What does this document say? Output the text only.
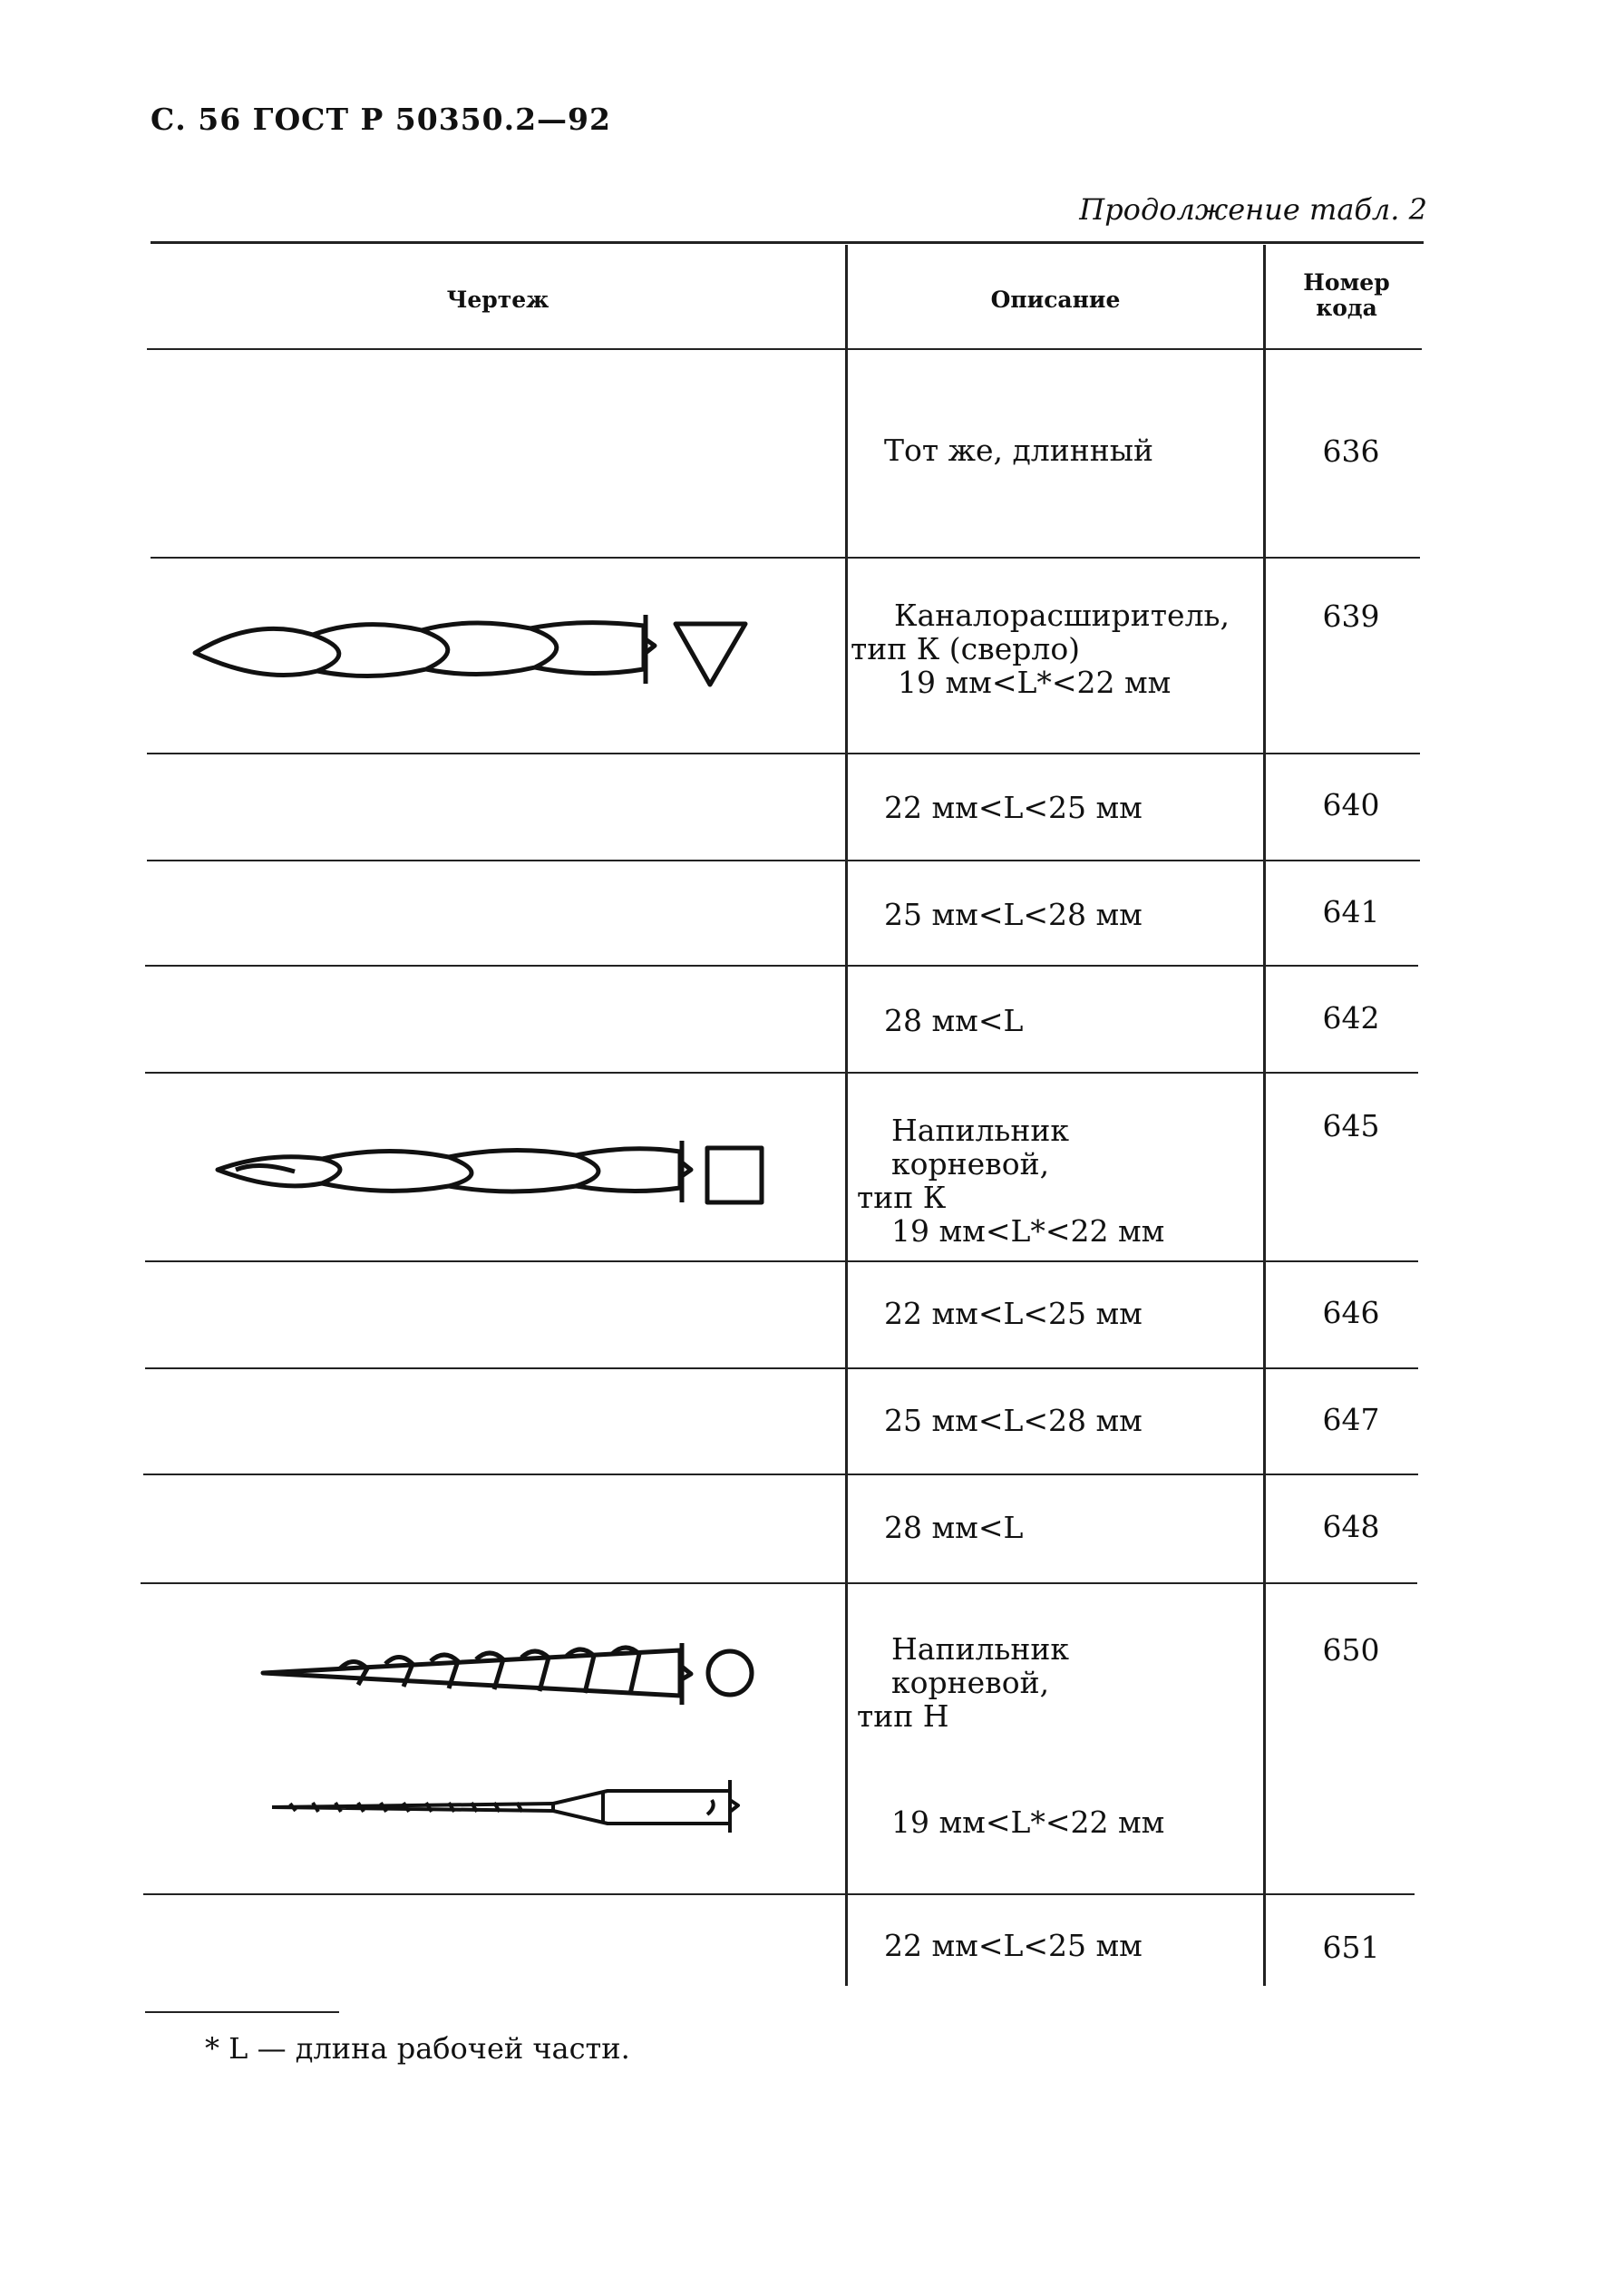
С. 56 ГОСТ Р 50350.2—92
Продолжение табл. 2
Чертеж	Описание
Номер кода
Тот же, длинный
Каналорасширитель,
тип К (сверло)
19 мм<L*<22 мм
22 мм<L<25 мм
25 мм<L<28 мм
28 мм<L
Напильник корневой,
тип К
19 мм<L*<22 мм
22 мм<L<25 мм
25 мм<L<28 мм
28 мм<L
Напильник корневой,
тип Н
19 мм<L*<22 мм
22 мм<L<25 мм
636
639
640
641
642
645
646
647
648
650
651
* L — длина рабочей части.
